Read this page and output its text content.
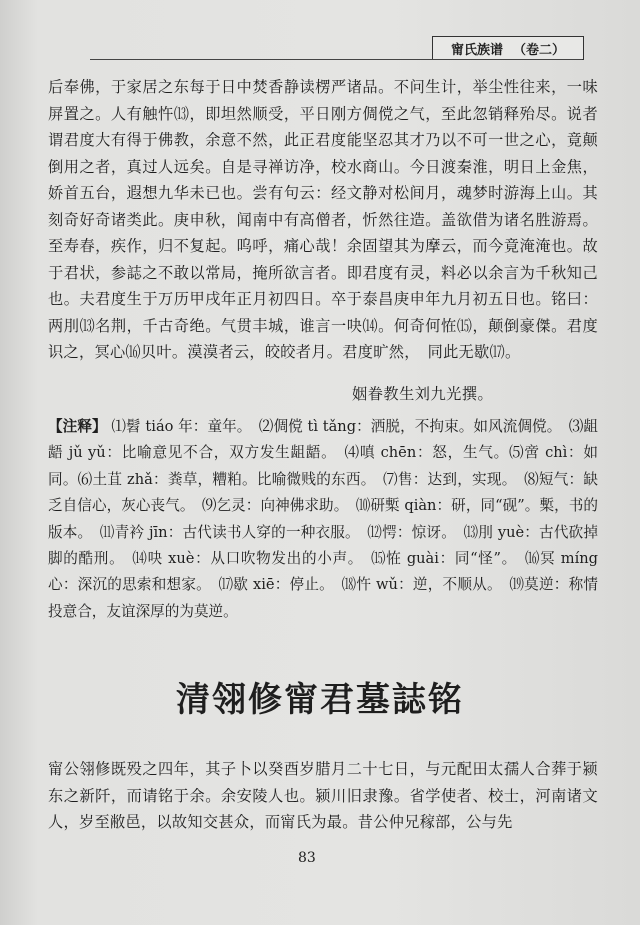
甯氏族谱 （卷二）

后奉佛，于家居之东每于日中焚香静读楞严诸品。不问生计，举尘性往来，一味屏置之。人有触忤⒀，即坦然顺受，平日刚方倜傥之气，至此忽销释殆尽。说者谓君度大有得于佛教，余意不然，此正君度能坚忍其才乃以不可一世之心，竟颠倒用之者，真过人远矣。自是寻禅访净，校水商山。今日渡秦淮，明日上金焦，娇首五台，遐想九华未已也。尝有句云：经文静对松间月，魂梦时游海上山。其刻奇好奇诸类此。庚申秋，闻南中有高僧者，忻然往造。盖欲借为诸名胜游焉。至寿春，疾作，归不复起。呜呼，痛心哉！余固望其为摩云，而今竟淹淹也。故于君状，参誌之不敢以常局，掩所欲言者。即君度有灵，料必以余言为千秋知己也。夫君度生于万历甲戌年正月初四日。卒于泰昌庚申年九月初五日也。铭曰：两刖⒀名荆，千古奇绝。气贯丰城，谁言一吷⒁。何奇何恠⒂，颠倒豪傑。君度识之，冥心⒃贝叶。漠漠者云，皎皎者月。君度旷然，　同此无歇⒄。

姻眷教生刘九光撰。

【注释】 ⑴髫 tiáo 年：童年。　⑵倜傥 tì tǎng：洒脱，不拘束。如风流倜傥。　⑶龃龉 jǔ yǔ：比喻意见不合，双方发生龃龉。　⑷嗔 chēn：怒，生气。⑸啻 chì：如同。⑹土苴 zhǎ：粪草，糟粕。比喻微贱的东西。　⑺售：达到，实现。　⑻短气：缺乏自信心，灰心丧气。　⑼乞灵：向神佛求助。　⑽研槧 qiàn：研，同“砚”。槧，书的版本。　⑾青衿 jīn：古代读书人穿的一种衣服。　⑿愕：惊讶。　⒀刖 yuè：古代砍掉脚的酷刑。　⒁吷 xuè：从口吹物发出的小声。　⒂恠 guài：同“怪”。　⒃冥 míng 心：深沉的思索和想家。　⒄歇 xiē：停止。　⒅忤 wǔ：逆，不顺从。　⒆莫逆：称情投意合，友谊深厚的为莫逆。

清翎修甯君墓誌铭

甯公翎修既殁之四年，其子卜以癸酉岁腊月二十七日，与元配田太孺人合葬于颍东之新阡，而请铭于余。余安陵人也。颍川旧隶豫。省学使者、校士，河南诸文人，岁至敝邑，以故知交甚众，而甯氏为最。昔公仲兄稼部，公与先

83
